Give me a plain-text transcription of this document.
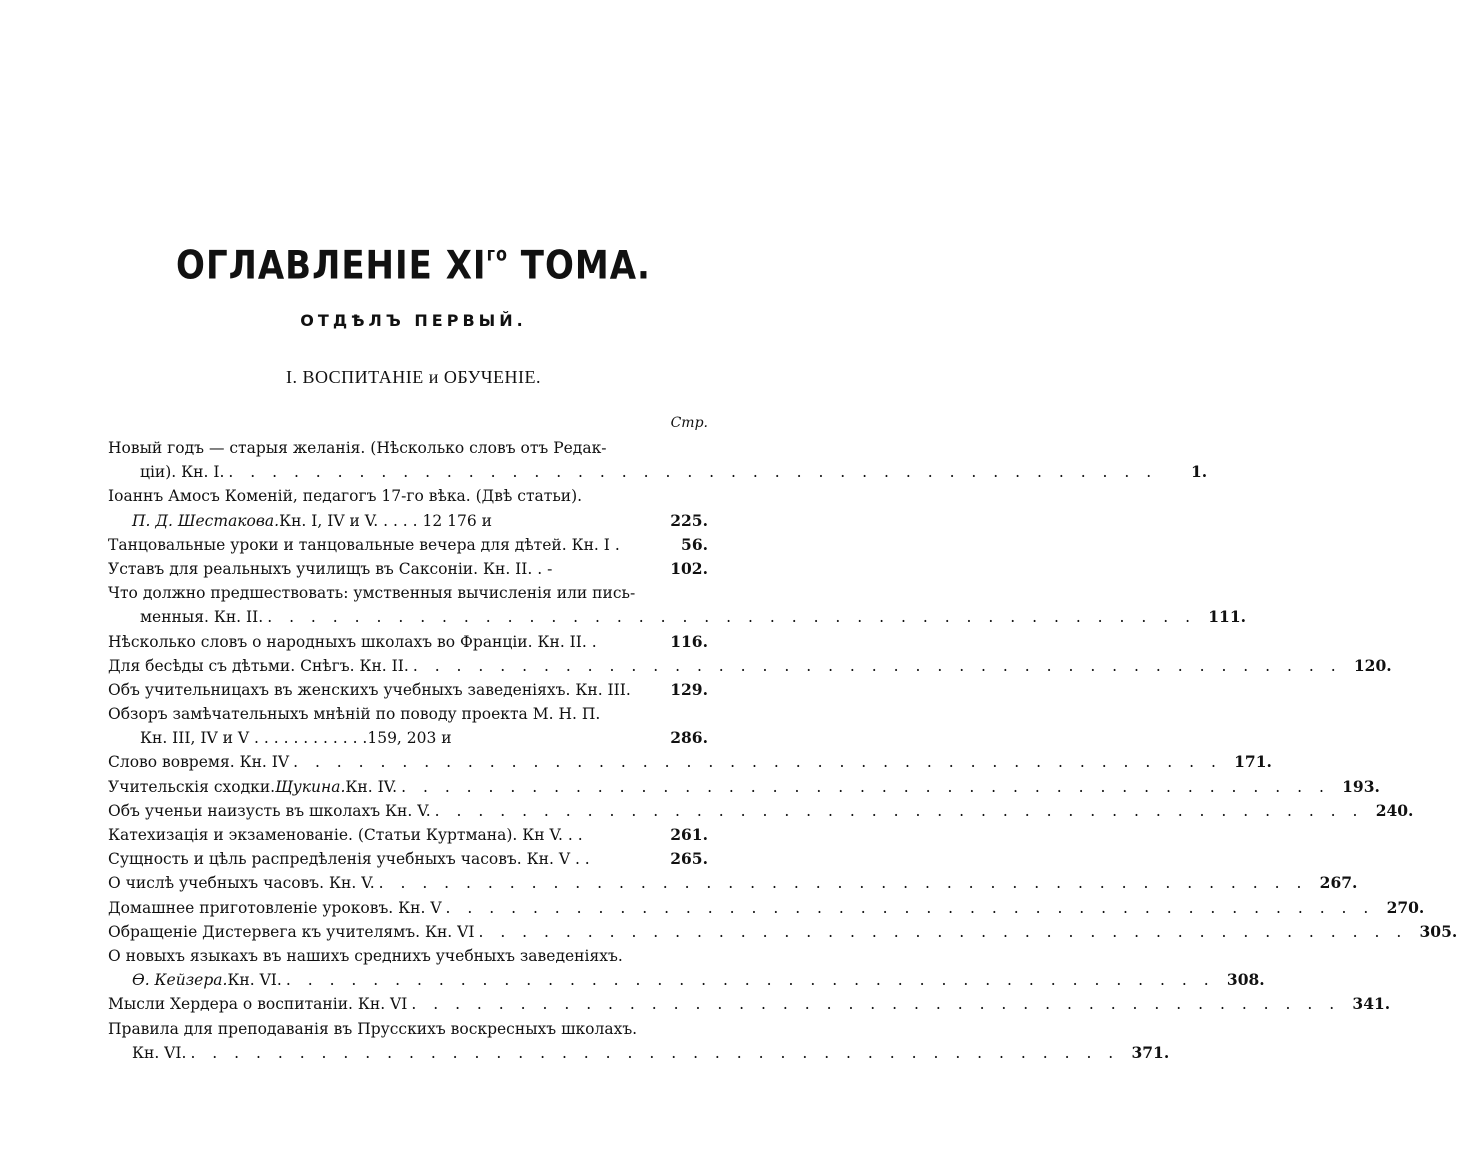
ОГЛАВЛЕНІЕ $XI^{го}$ ТОМА.
ОТДѢЛЪ ПЕРВЫЙ.
I. ВОСПИТАНІЕ и ОБУЧЕНІЕ.
Стр.
Новый годъ — старыя желанія. (Нѣсколько словъ отъ Редак-
ціи). Кн. I. . . . . . . . . . . . . . . . . . . . . . . . . . . . . . . . . . . . . . . . . . . .	1.
Іоаннъ Амосъ Коменій, педагогъ 17-го вѣка. (Двѣ статьи).
П. Д. Шестакова. Кн. I, IV и V. . . . . 12 176 и	225.
Танцовальные уроки и танцовальные вечера для дѣтей. Кн. I .	56.
Уставъ для реальныхъ училищъ въ Саксоніи. Кн. II. . -	102.
Что должно предшествовать: умственныя вычисленія или пись-
менныя. Кн. II. . . . . . . . . . . . . . . . . . . . . . . . . . . . . . . . . . . . . . . . . . . . 111.
Нѣсколько словъ о народныхъ школахъ во Франціи. Кн. II. .	116.
Для бесѣды съ дѣтьми. Снѣгъ. Кн. II. . . . . . . . . . . . . . . . . . . . . . . . . . . . . . . . . . . . . . . . . . . . 120.
Объ учительницахъ въ женскихъ учебныхъ заведеніяхъ. Кн. III.	129.
Обзоръ замѣчательныхъ мнѣній по поводу проекта М. Н. П.
Кн. III, IV и V . . . . . . . . . . . .159, 203 и	286.
Слово вовремя. Кн. IV . . . . . . . . . . . . . . . . . . . . . . . . . . . . . . . . . . . . . . . . . . . 171.
Учительскія сходки. Щукина. Кн. IV. . . . . . . . . . . . . . . . . . . . . . . . . . . . . . . . . . . . . . . . . . . . 193.
Объ ученьи наизусть въ школахъ Кн. V. . . . . . . . . . . . . . . . . . . . . . . . . . . . . . . . . . . . . . . . . . . . 240.
Катехизація и экзаменованіе. (Статьи Куртмана). Кн V. . .	261.
Сущность и цѣль распредѣленія учебныхъ часовъ. Кн. V . .	265.
О числѣ учебныхъ часовъ. Кн. V. . . . . . . . . . . . . . . . . . . . . . . . . . . . . . . . . . . . . . . . . . . . 267.
Домашнее приготовленіе уроковъ. Кн. V . . . . . . . . . . . . . . . . . . . . . . . . . . . . . . . . . . . . . . . . . . . 270.
Обращеніе Дистервега къ учителямъ. Кн. VI . . . . . . . . . . . . . . . . . . . . . . . . . . . . . . . . . . . . . . . . . . . 305.
О новыхъ языкахъ въ нашихъ среднихъ учебныхъ заведеніяхъ.
Ѳ. Кейзера. Кн. VI. . . . . . . . . . . . . . . . . . . . . . . . . . . . . . . . . . . . . . . . . . . . 308.
Мысли Хердера о воспитаніи. Кн. VI . . . . . . . . . . . . . . . . . . . . . . . . . . . . . . . . . . . . . . . . . . . 341.
Правила для преподаванія въ Прусскихъ воскресныхъ школахъ.
Кн. VI. . . . . . . . . . . . . . . . . . . . . . . . . . . . . . . . . . . . . . . . . . . . 371.
